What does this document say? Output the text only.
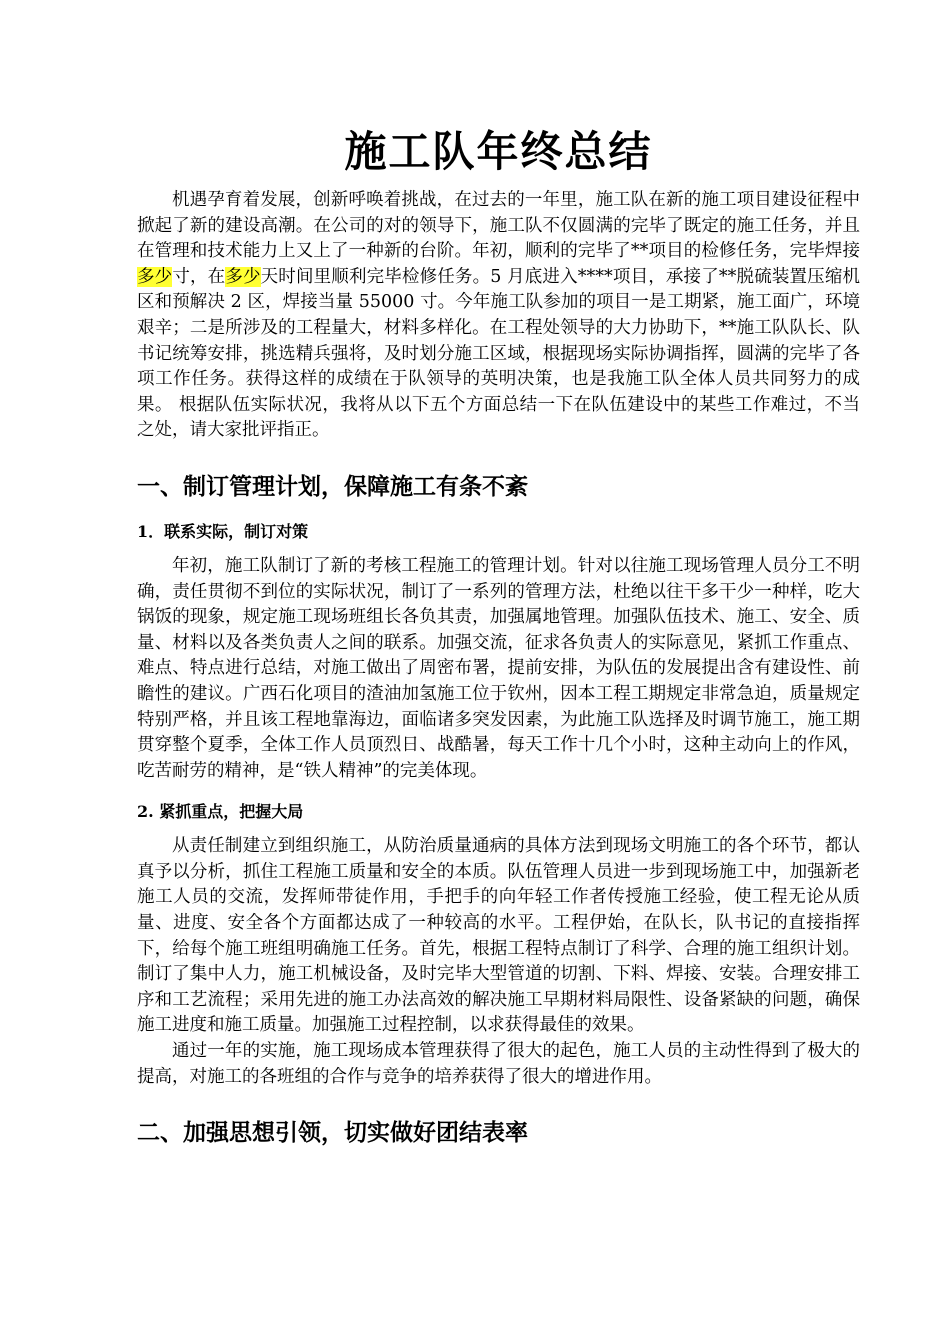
施工队年终总结

机遇孕育着发展，创新呼唤着挑战，在过去的一年里，施工队在新的施工项目建设征程中掀起了新的建设高潮。在公司的对的领导下，施工队不仅圆满的完毕了既定的施工任务，并且在管理和技术能力上又上了一种新的台阶。年初，顺利的完毕了**项目的检修任务，完毕焊接多少寸，在多少天时间里顺利完毕检修任务。5 月底进入****项目，承接了**脱硫装置压缩机区和预解决 2 区，焊接当量 55000 寸。今年施工队参加的项目一是工期紧，施工面广，环境艰辛；二是所涉及的工程量大，材料多样化。在工程处领导的大力协助下，**施工队队长、队书记统筹安排，挑选精兵强将，及时划分施工区域，根据现场实际协调指挥，圆满的完毕了各项工作任务。获得这样的成绩在于队领导的英明决策，也是我施工队全体人员共同努力的成果。 根据队伍实际状况，我将从以下五个方面总结一下在队伍建设中的某些工作难过，不当之处，请大家批评指正。

一、制订管理计划，保障施工有条不紊
1．联系实际，制订对策

年初，施工队制订了新的考核工程施工的管理计划。针对以往施工现场管理人员分工不明确，责任贯彻不到位的实际状况，制订了一系列的管理方法，杜绝以往干多干少一种样，吃大锅饭的现象，规定施工现场班组长各负其责，加强属地管理。加强队伍技术、施工、安全、质量、材料以及各类负责人之间的联系。加强交流，征求各负责人的实际意见，紧抓工作重点、难点、特点进行总结，对施工做出了周密布署，提前安排，为队伍的发展提出含有建设性、前瞻性的建议。广西石化项目的渣油加氢施工位于钦州，因本工程工期规定非常急迫，质量规定特别严格，并且该工程地靠海边，面临诸多突发因素，为此施工队选择及时调节施工，施工期贯穿整个夏季，全体工作人员顶烈日、战酷暑，每天工作十几个小时，这种主动向上的作风，吃苦耐劳的精神，是“铁人精神”的完美体现。

2. 紧抓重点，把握大局

从责任制建立到组织施工，从防治质量通病的具体方法到现场文明施工的各个环节，都认真予以分析，抓住工程施工质量和安全的本质。队伍管理人员进一步到现场施工中，加强新老施工人员的交流，发挥师带徒作用，手把手的向年轻工作者传授施工经验，使工程无论从质量、进度、安全各个方面都达成了一种较高的水平。工程伊始，在队长，队书记的直接指挥下，给每个施工班组明确施工任务。首先，根据工程特点制订了科学、合理的施工组织计划。制订了集中人力，施工机械设备，及时完毕大型管道的切割、下料、焊接、安装。合理安排工序和工艺流程；采用先进的施工办法高效的解决施工早期材料局限性、设备紧缺的问题，确保施工进度和施工质量。加强施工过程控制，以求获得最佳的效果。

通过一年的实施，施工现场成本管理获得了很大的起色，施工人员的主动性得到了极大的提高，对施工的各班组的合作与竞争的培养获得了很大的增进作用。

二、加强思想引领，切实做好团结表率
